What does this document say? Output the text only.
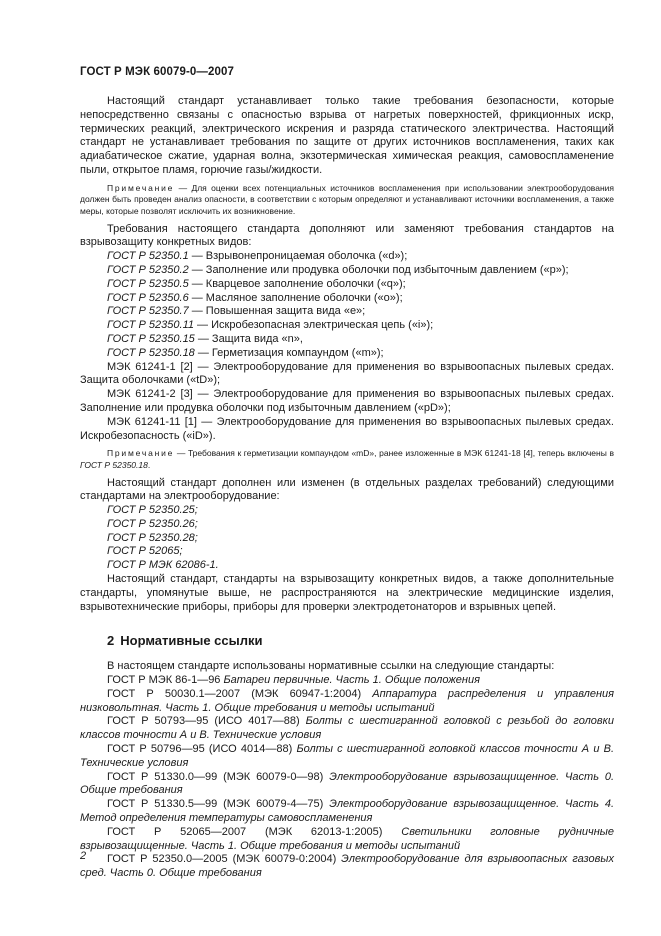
ГОСТ Р МЭК 60079-0—2007

Настоящий стандарт устанавливает только такие требования безопасности, которые непосредственно связаны с опасностью взрыва от нагретых поверхностей, фрикционных искр, термических реакций, электрического искрения и разряда статического электричества. Настоящий стандарт не устанавливает требования по защите от других источников воспламенения, таких как адиабатическое сжатие, ударная волна, экзотермическая химическая реакция, самовоспламенение пыли, открытое пламя, горючие газы/жидкости.

Примечание — Для оценки всех потенциальных источников воспламенения при использовании электрооборудования должен быть проведен анализ опасности, в соответствии с которым определяют и устанавливают источники воспламенения, а также меры, которые позволят исключить их возникновение.

Требования настоящего стандарта дополняют или заменяют требования стандартов на взрывозащиту конкретных видов:

ГОСТ Р 52350.1 — Взрывонепроницаемая оболочка («d»);
ГОСТ Р 52350.2 — Заполнение или продувка оболочки под избыточным давлением («р»);
ГОСТ Р 52350.5 — Кварцевое заполнение оболочки («q»);
ГОСТ Р 52350.6 — Масляное заполнение оболочки («о»);
ГОСТ Р 52350.7 — Повышенная защита вида «е»;
ГОСТ Р 52350.11 — Искробезопасная электрическая цепь («i»);
ГОСТ Р 52350.15 — Защита вида «n»,
ГОСТ Р 52350.18 — Герметизация компаундом («m»);

МЭК 61241-1 [2] — Электрооборудование для применения во взрывоопасных пылевых средах. Защита оболочками («tD»);

МЭК 61241-2 [3] — Электрооборудование для применения во взрывоопасных пылевых средах. Заполнение или продувка оболочки под избыточным давлением («pD»);

МЭК 61241-11 [1] — Электрооборудование для применения во взрывоопасных пылевых средах. Искробезопасность («iD»).

Примечание — Требования к герметизации компаундом «mD», ранее изложенные в МЭК 61241-18 [4], теперь включены в ГОСТ Р 52350.18.

Настоящий стандарт дополнен или изменен (в отдельных разделах требований) следующими стандартами на электрооборудование:

ГОСТ Р 52350.25;
ГОСТ Р 52350.26;
ГОСТ Р 52350.28;
ГОСТ Р 52065;
ГОСТ Р МЭК 62086-1.

Настоящий стандарт, стандарты на взрывозащиту конкретных видов, а также дополнительные стандарты, упомянутые выше, не распространяются на электрические медицинские изделия, взрывотехнические приборы, приборы для проверки электродетонаторов и взрывных цепей.

2 Нормативные ссылки

В настоящем стандарте использованы нормативные ссылки на следующие стандарты:

ГОСТ Р МЭК 86-1—96 Батареи первичные. Часть 1. Общие положения

ГОСТ Р 50030.1—2007 (МЭК 60947-1:2004) Аппаратура распределения и управления низковольтная. Часть 1. Общие требования и методы испытаний

ГОСТ Р 50793—95 (ИСО 4017—88) Болты с шестигранной головкой с резьбой до головки классов точности А и В. Технические условия

ГОСТ Р 50796—95 (ИСО 4014—88) Болты с шестигранной головкой классов точности А и В. Технические условия

ГОСТ Р 51330.0—99 (МЭК 60079-0—98) Электрооборудование взрывозащищенное. Часть 0. Общие требования

ГОСТ Р 51330.5—99 (МЭК 60079-4—75) Электрооборудование взрывозащищенное. Часть 4. Метод определения температуры самовоспламенения

ГОСТ Р 52065—2007 (МЭК 62013-1:2005) Светильники головные рудничные взрывозащищенные. Часть 1. Общие требования и методы испытаний

ГОСТ Р 52350.0—2005 (МЭК 60079-0:2004) Электрооборудование для взрывоопасных газовых сред. Часть 0. Общие требования

2
